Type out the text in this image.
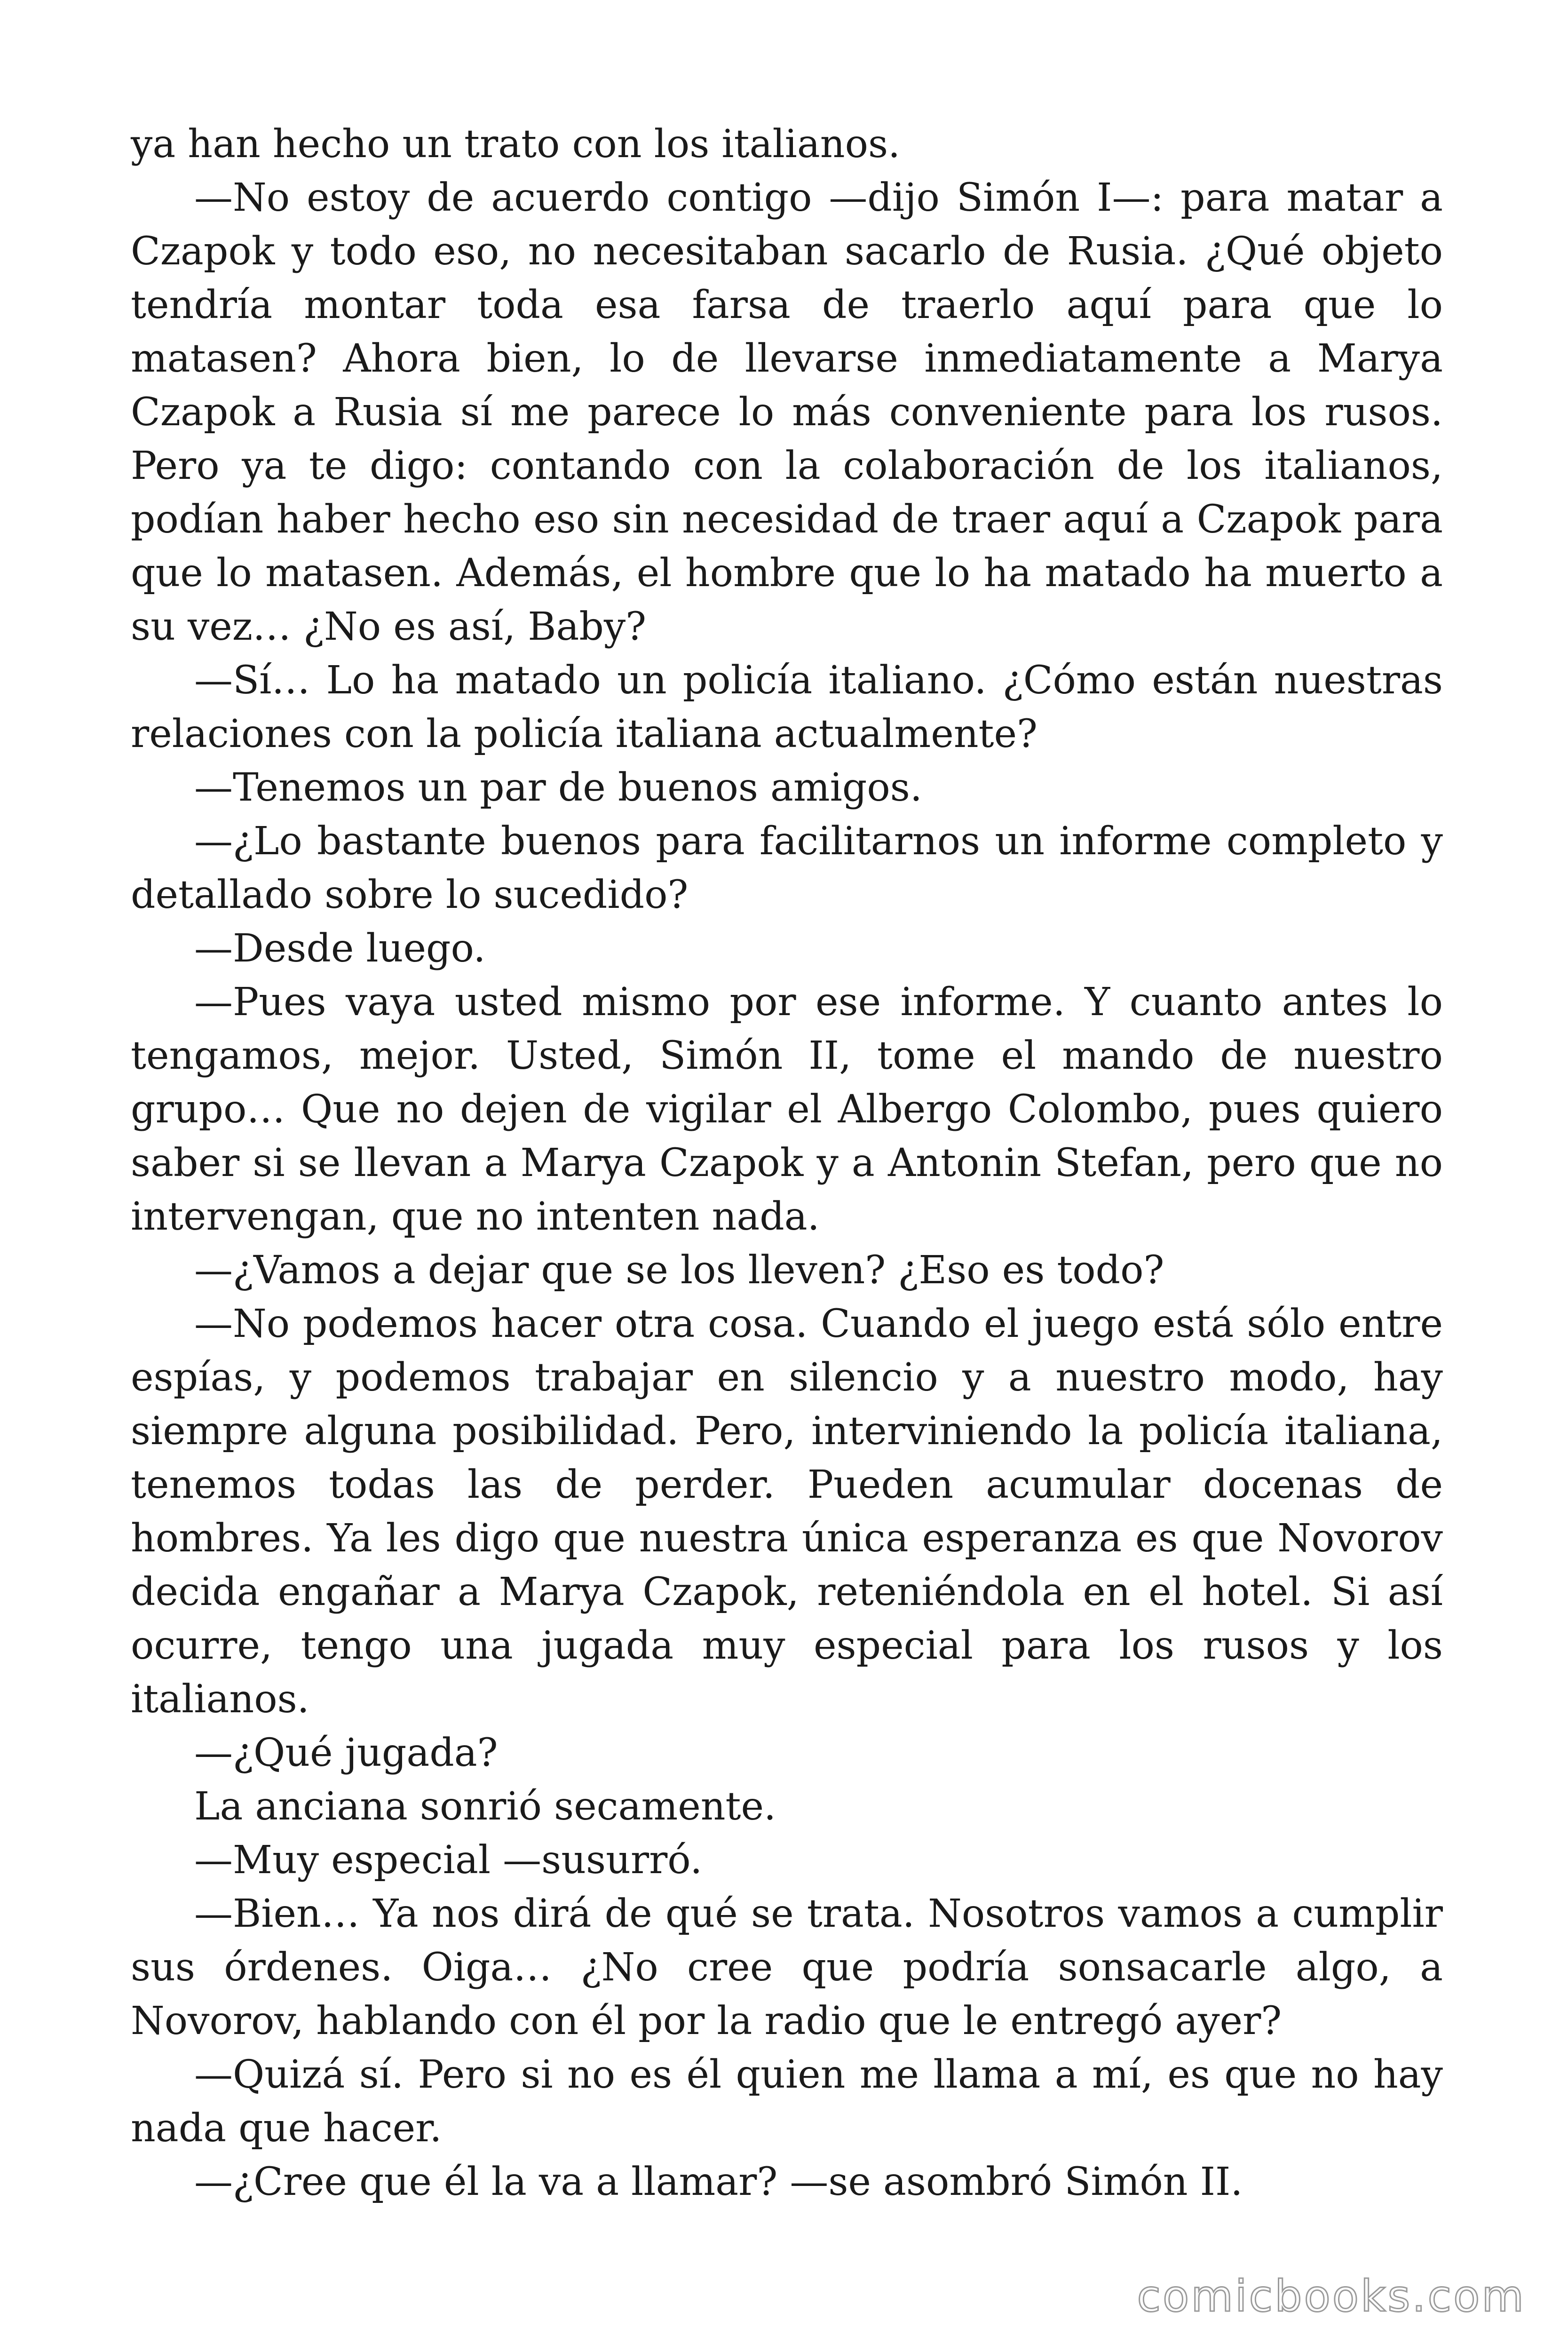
ya han hecho un trato con los italianos.

—No estoy de acuerdo contigo —dijo Simón I—: para matar a Czapok y todo eso, no necesitaban sacarlo de Rusia. ¿Qué objeto tendría montar toda esa farsa de traerlo aquí para que lo matasen? Ahora bien, lo de llevarse inmediatamente a Marya Czapok a Rusia sí me parece lo más conveniente para los rusos. Pero ya te digo: contando con la colaboración de los italianos, podían haber hecho eso sin necesidad de traer aquí a Czapok para que lo matasen. Además, el hombre que lo ha matado ha muerto a su vez… ¿No es así, Baby?

—Sí… Lo ha matado un policía italiano. ¿Cómo están nuestras relaciones con la policía italiana actualmente?

—Tenemos un par de buenos amigos.

—¿Lo bastante buenos para facilitarnos un informe completo y detallado sobre lo sucedido?

—Desde luego.

—Pues vaya usted mismo por ese informe. Y cuanto antes lo tengamos, mejor. Usted, Simón II, tome el mando de nuestro grupo… Que no dejen de vigilar el Albergo Colombo, pues quiero saber si se llevan a Marya Czapok y a Antonin Stefan, pero que no intervengan, que no intenten nada.

—¿Vamos a dejar que se los lleven? ¿Eso es todo?

—No podemos hacer otra cosa. Cuando el juego está sólo entre espías, y podemos trabajar en silencio y a nuestro modo, hay siempre alguna posibilidad. Pero, interviniendo la policía italiana, tenemos todas las de perder. Pueden acumular docenas de hombres. Ya les digo que nuestra única esperanza es que Novorov decida engañar a Marya Czapok, reteniéndola en el hotel. Si así ocurre, tengo una jugada muy especial para los rusos y los italianos.

—¿Qué jugada?

La anciana sonrió secamente.

—Muy especial —susurró.

—Bien… Ya nos dirá de qué se trata. Nosotros vamos a cumplir sus órdenes. Oiga… ¿No cree que podría sonsacarle algo, a Novorov, hablando con él por la radio que le entregó ayer?

—Quizá sí. Pero si no es él quien me llama a mí, es que no hay nada que hacer.

—¿Cree que él la va a llamar? —se asombró Simón II.

comicbooks.com
